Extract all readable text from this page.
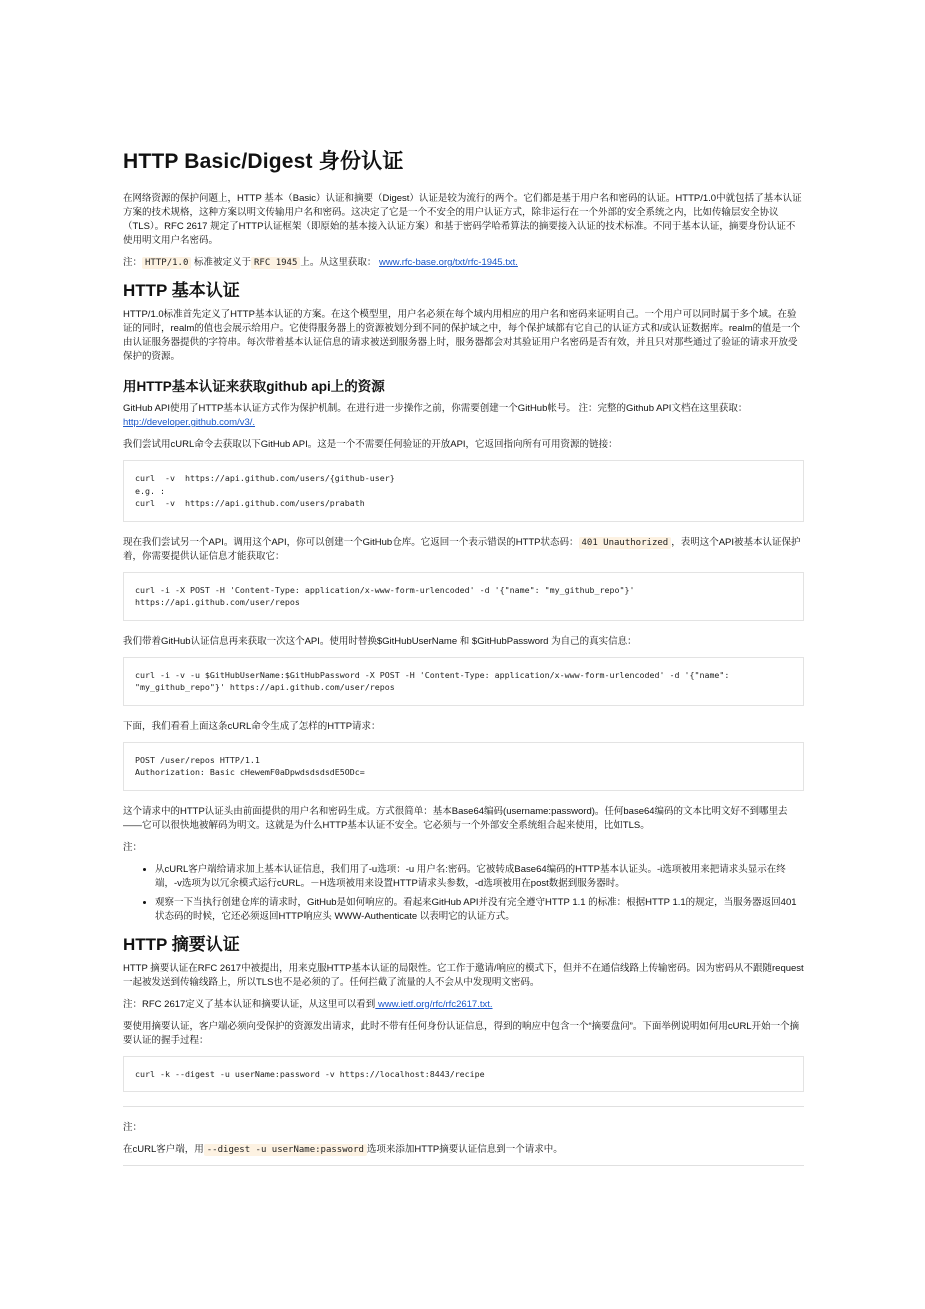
HTTP Basic/Digest 身份认证

在网络资源的保护问题上，HTTP 基本（Basic）认证和摘要（Digest）认证是较为流行的两个。它们都是基于用户名和密码的认证。HTTP/1.0中就包括了基本认证方案的技术规格，这种方案以明文传输用户名和密码。这决定了它是一个不安全的用户认证方式，除非运行在一个外部的安全系统之内，比如传输层安全协议（TLS）。RFC 2617 规定了HTTP认证框架（即原始的基本接入认证方案）和基于密码学哈希算法的摘要接入认证的技术标准。不同于基本认证，摘要身份认证不使用明文用户名密码。

注： HTTP/1.0 标准被定义于 RFC 1945 上。从这里获取： www.rfc-base.org/txt/rfc-1945.txt.

HTTP 基本认证

HTTP/1.0标准首先定义了HTTP基本认证的方案。在这个模型里，用户名必须在每个域内用相应的用户名和密码来证明自己。一个用户可以同时属于多个域。在验证的同时，realm的值也会展示给用户。它使得服务器上的资源被划分到不同的保护域之中，每个保护域都有它自己的认证方式和/或认证数据库。realm的值是一个由认证服务器提供的字符串。每次带着基本认证信息的请求被送到服务器上时，服务器都会对其验证用户名密码是否有效，并且只对那些通过了验证的请求开放受保护的资源。

用HTTP基本认证来获取github api上的资源

GitHub API使用了HTTP基本认证方式作为保护机制。在进行进一步操作之前，你需要创建一个GitHub帐号。 注：完整的Github API文档在这里获取： http://developer.github.com/v3/.

我们尝试用cURL命令去获取以下GitHub API。这是一个不需要任何验证的开放API，它返回指向所有可用资源的链接：

curl  -v  https://api.github.com/users/{github-user}
e.g. :
curl  -v  https://api.github.com/users/prabath

现在我们尝试另一个API。调用这个API，你可以创建一个GitHub仓库。它返回一个表示错误的HTTP状态码： 401 Unauthorized ，表明这个API被基本认证保护着，你需要提供认证信息才能获取它：

curl -i -X POST -H 'Content-Type: application/x-www-form-urlencoded' -d '{"name": "my_github_repo"}'
https://api.github.com/user/repos

我们带着GitHub认证信息再来获取一次这个API。使用时替换$GitHubUserName 和 $GitHubPassword 为自己的真实信息：

curl -i -v -u $GitHubUserName:$GitHubPassword -X POST -H 'Content-Type: application/x-www-form-urlencoded' -d '{"name":
"my_github_repo"}' https://api.github.com/user/repos

下面，我们看看上面这条cURL命令生成了怎样的HTTP请求：

POST /user/repos HTTP/1.1
Authorization: Basic cHewemF0aDpwdsdsdsdE5ODc=

这个请求中的HTTP认证头由前面提供的用户名和密码生成。方式很简单：基本Base64编码(username:password)。任何base64编码的文本比明文好不到哪里去——它可以很快地被解码为明文。这就是为什么HTTP基本认证不安全。它必须与一个外部安全系统组合起来使用，比如TLS。

注：

• 从cURL客户端给请求加上基本认证信息，我们用了-u选项：-u 用户名:密码。它被转成Base64编码的HTTP基本认证头。-i选项被用来把请求头显示在终端，-v选项为以冗余模式运行cURL。－H选项被用来设置HTTP请求头参数，-d选项被用在post数据到服务器时。
• 观察一下当执行创建仓库的请求时，GitHub是如何响应的。看起来GitHub API并没有完全遵守HTTP 1.1 的标准：根据HTTP 1.1的规定，当服务器返回401状态码的时候，它还必须返回HTTP响应头 WWW-Authenticate 以表明它的认证方式。
HTTP 摘要认证

HTTP 摘要认证在RFC 2617中被提出，用来克服HTTP基本认证的局限性。它工作于邀请/响应的模式下，但并不在通信线路上传输密码。因为密码从不跟随request一起被发送到传输线路上，所以TLS也不是必须的了。任何拦截了流量的人不会从中发现明文密码。

注：RFC 2617定义了基本认证和摘要认证，从这里可以看到 www.ietf.org/rfc/rfc2617.txt.

要使用摘要认证，客户端必须向受保护的资源发出请求，此时不带有任何身份认证信息，得到的响应中包含一个“摘要盘问”。下面举例说明如何用cURL开始一个摘要认证的握手过程：

curl -k --digest -u userName:password -v https://localhost:8443/recipe

注：

在cURL客户端，用 --digest -u userName:password 选项来添加HTTP摘要认证信息到一个请求中。
